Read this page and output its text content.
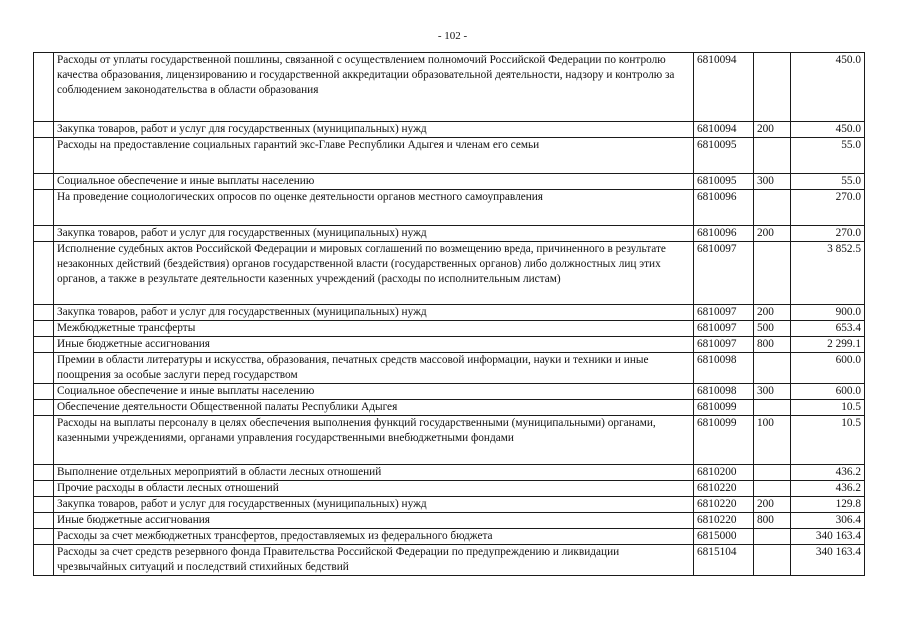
- 102 -
	Расходы от уплаты государственной пошлины, связанной с осуществлением полномочий Российской Федерации по контролю качества образования, лицензированию и государственной аккредитации образовательной деятельности, надзору и контролю за соблюдением законодательства в области образования	6810094		450.0
	Закупка товаров, работ и услуг для государственных (муниципальных) нужд	6810094	200	450.0
	Расходы на предоставление социальных гарантий экс-Главе Республики Адыгея и членам его семьи	6810095		55.0
	Социальное обеспечение и иные выплаты населению	6810095	300	55.0
	На проведение социологических опросов по оценке деятельности органов местного самоуправления	6810096		270.0
	Закупка товаров, работ и услуг для государственных (муниципальных) нужд	6810096	200	270.0
	Исполнение судебных актов Российской Федерации и мировых соглашений по возмещению вреда, причиненного в результате незаконных действий (бездействия) органов государственной власти (государственных органов) либо должностных лиц этих органов, а также в результате деятельности казенных учреждений (расходы по исполнительным листам)	6810097		3 852.5
	Закупка товаров, работ и услуг для государственных (муниципальных) нужд	6810097	200	900.0
	Межбюджетные трансферты	6810097	500	653.4
	Иные бюджетные ассигнования	6810097	800	2 299.1
	Премии в области литературы и искусства, образования, печатных средств массовой информации, науки и техники и иные поощрения за особые заслуги перед государством	6810098		600.0
	Социальное обеспечение и иные выплаты населению	6810098	300	600.0
	Обеспечение деятельности Общественной палаты Республики Адыгея	6810099		10.5
	Расходы на выплаты персоналу в целях обеспечения выполнения функций государственными (муниципальными) органами, казенными учреждениями, органами управления государственными внебюджетными фондами	6810099	100	10.5
	Выполнение отдельных мероприятий в области лесных отношений	6810200		436.2
	Прочие расходы в области лесных отношений	6810220		436.2
	Закупка товаров, работ и услуг для государственных (муниципальных) нужд	6810220	200	129.8
	Иные бюджетные ассигнования	6810220	800	306.4
	Расходы за счет межбюджетных трансфертов, предоставляемых из федерального бюджета	6815000		340 163.4
	Расходы за счет средств резервного фонда Правительства Российской Федерации по предупреждению и ликвидации чрезвычайных ситуаций и последствий стихийных бедствий	6815104		340 163.4
